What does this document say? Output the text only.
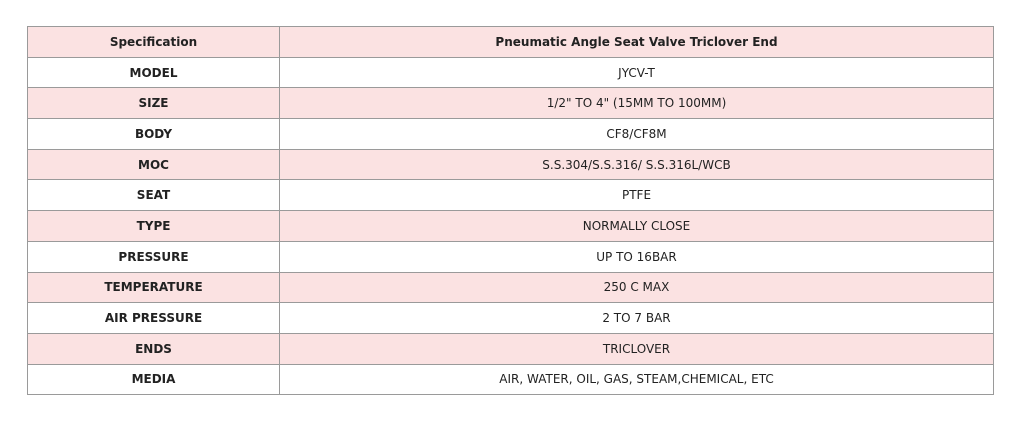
Specification	Pneumatic Angle Seat Valve Triclover End
MODEL	JYCV-T
SIZE	1/2" TO 4" (15MM TO 100MM)
BODY	CF8/CF8M
MOC	S.S.304/S.S.316/ S.S.316L/WCB
SEAT	PTFE
TYPE	NORMALLY CLOSE
PRESSURE	UP TO 16BAR
TEMPERATURE	250 C MAX
AIR PRESSURE	2 TO 7 BAR
ENDS	TRICLOVER
MEDIA	AIR, WATER, OIL, GAS, STEAM,CHEMICAL, ETC
